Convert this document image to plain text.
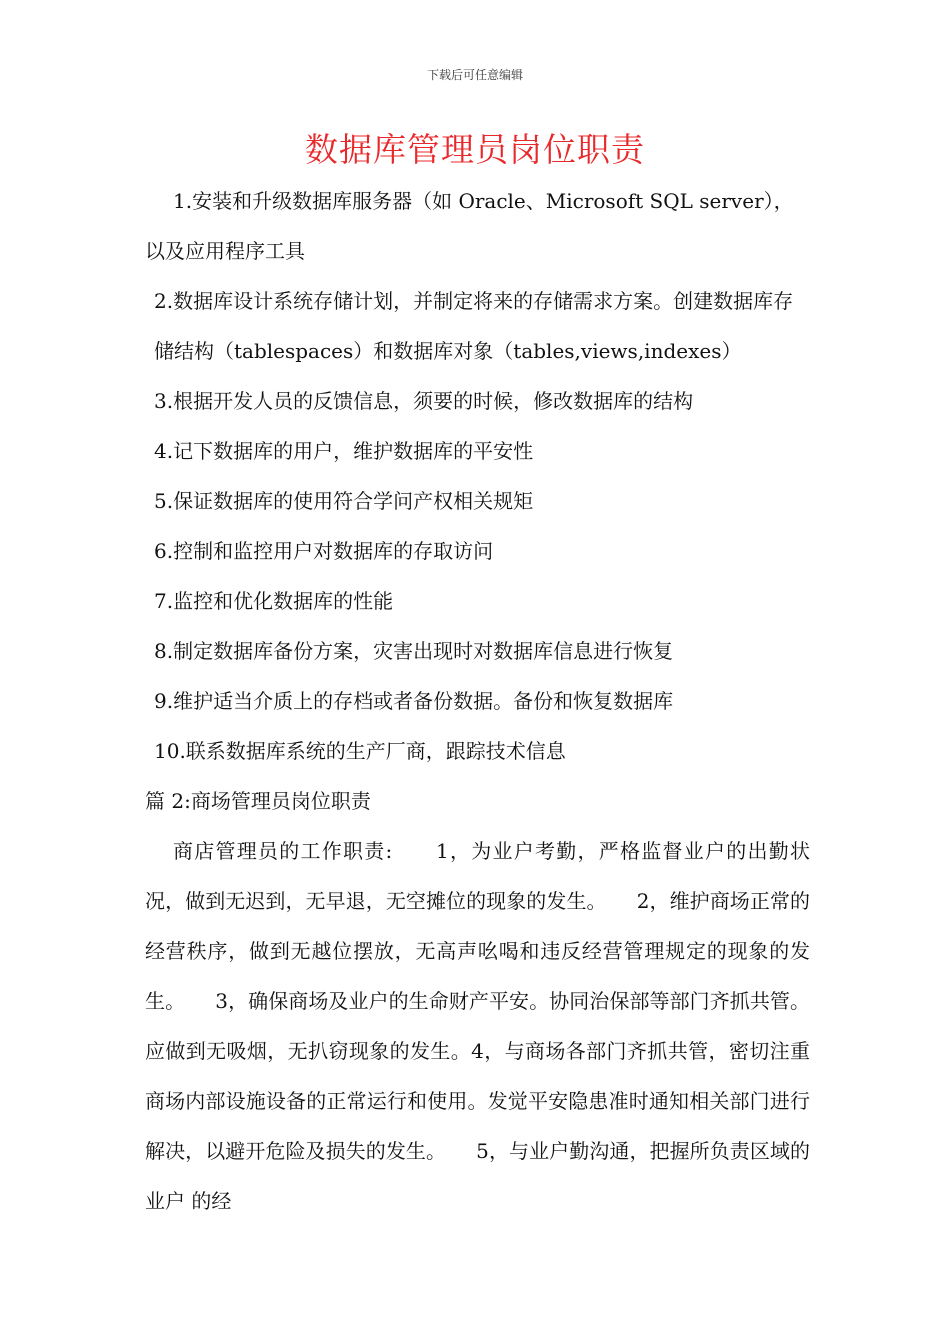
下载后可任意编辑
数据库管理员岗位职责

1.安装和升级数据库服务器（如 Oracle、Microsoft SQL server），以及应用程序工具

2.数据库设计系统存储计划，并制定将来的存储需求方案。创建数据库存储结构（tablespaces）和数据库对象（tables,views,indexes）

3.根据开发人员的反馈信息，须要的时候，修改数据库的结构

4.记下数据库的用户，维护数据库的平安性

5.保证数据库的使用符合学问产权相关规矩

6.控制和监控用户对数据库的存取访问

7.监控和优化数据库的性能

8.制定数据库备份方案，灾害出现时对数据库信息进行恢复

9.维护适当介质上的存档或者备份数据。备份和恢复数据库

10.联系数据库系统的生产厂商，跟踪技术信息

篇 2:商场管理员岗位职责

商店管理员的工作职责:　　1，为业户考勤，严格监督业户的出勤状况，做到无迟到，无早退，无空摊位的现象的发生。　　2，维护商场正常的经营秩序，做到无越位摆放，无高声吆喝和违反经营管理规定的现象的发生。　　3，确保商场及业户的生命财产平安。协同治保部等部门齐抓共管。应做到无吸烟，无扒窃现象的发生。4，与商场各部门齐抓共管，密切注重商场内部设施设备的正常运行和使用。发觉平安隐患准时通知相关部门进行解决，以避开危险及损失的发生。　　5，与业户勤沟通，把握所负责区域的业户 的经
